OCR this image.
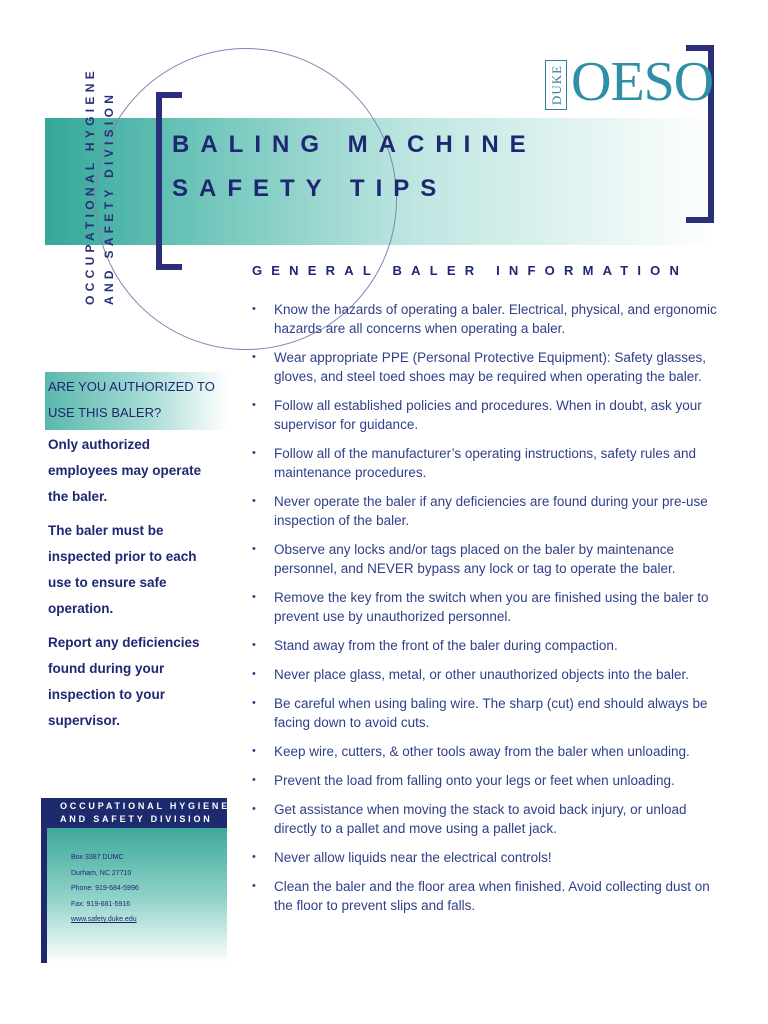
DUKE OESO
OCCUPATIONAL HYGIENE AND SAFETY DIVISION BALING MACHINE
SAFETY TIPS
GENERAL BALER INFORMATION
• Know the hazards of operating a baler. Electrical, physical, and ergonomic hazards are all concerns when operating a baler.
• Wear appropriate PPE (Personal Protective Equipment): Safety glasses, gloves, and steel toed shoes may be required when operating the baler.
• Follow all established policies and procedures. When in doubt, ask your supervisor for guidance.
• Follow all of the manufacturer’s operating instructions, safety rules and maintenance procedures.
• Never operate the baler if any deficiencies are found during your pre-use inspection of the baler.
• Observe any locks and/or tags placed on the baler by maintenance personnel, and NEVER bypass any lock or tag to operate the baler.
• Remove the key from the switch when you are finished using the baler to prevent use by unauthorized personnel.
• Stand away from the front of the baler during compaction.
• Never place glass, metal, or other unauthorized objects into the baler.
• Be careful when using baling wire. The sharp (cut) end should always be facing down to avoid cuts.
• Keep wire, cutters, & other tools away from the baler when unloading.
• Prevent the load from falling onto your legs or feet when unloading.
• Get assistance when moving the stack to avoid back injury, or unload directly to a pallet and move using a pallet jack.
• Never allow liquids near the electrical controls!
• Clean the baler and the floor area when finished. Avoid collecting dust on the floor to prevent slips and falls.
ARE YOU AUTHORIZED TO USE THIS BALER?

Only authorized employees may operate the baler.

The baler must be inspected prior to each use to ensure safe operation.

Report any deficiencies found during your inspection to your supervisor.

OCCUPATIONAL HYGIENE
AND SAFETY DIVISION
Box 3387 DUMC
Durham, NC 27710
Phone: 919-684-5996
Fax: 919-681-5916
www.safety.duke.edu
